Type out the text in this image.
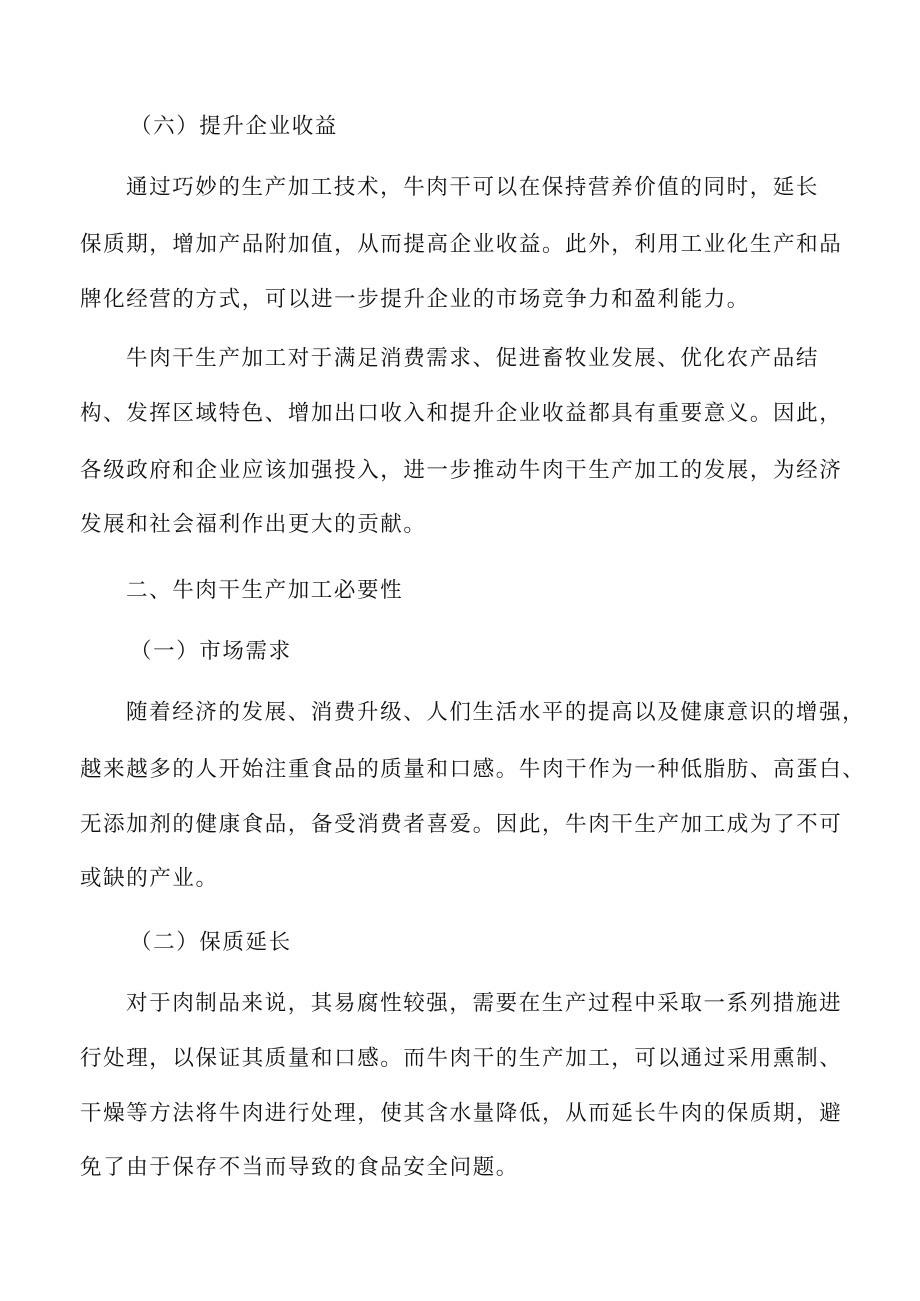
（六）提升企业收益
通过巧妙的生产加工技术，牛肉干可以在保持营养价值的同时，延长
保质期，增加产品附加值，从而提高企业收益。此外，利用工业化生产和品
牌化经营的方式，可以进一步提升企业的市场竞争力和盈利能力。
牛肉干生产加工对于满足消费需求、促进畜牧业发展、优化农产品结
构、发挥区域特色、增加出口收入和提升企业收益都具有重要意义。因此，
各级政府和企业应该加强投入，进一步推动牛肉干生产加工的发展，为经济
发展和社会福利作出更大的贡献。
二、牛肉干生产加工必要性
（一）市场需求
随着经济的发展、消费升级、人们生活水平的提高以及健康意识的增强，
越来越多的人开始注重食品的质量和口感。牛肉干作为一种低脂肪、高蛋白、
无添加剂的健康食品，备受消费者喜爱。因此，牛肉干生产加工成为了不可
或缺的产业。
（二）保质延长
对于肉制品来说，其易腐性较强，需要在生产过程中采取一系列措施进
行处理，以保证其质量和口感。而牛肉干的生产加工，可以通过采用熏制、
干燥等方法将牛肉进行处理，使其含水量降低，从而延长牛肉的保质期，避
免了由于保存不当而导致的食品安全问题。
